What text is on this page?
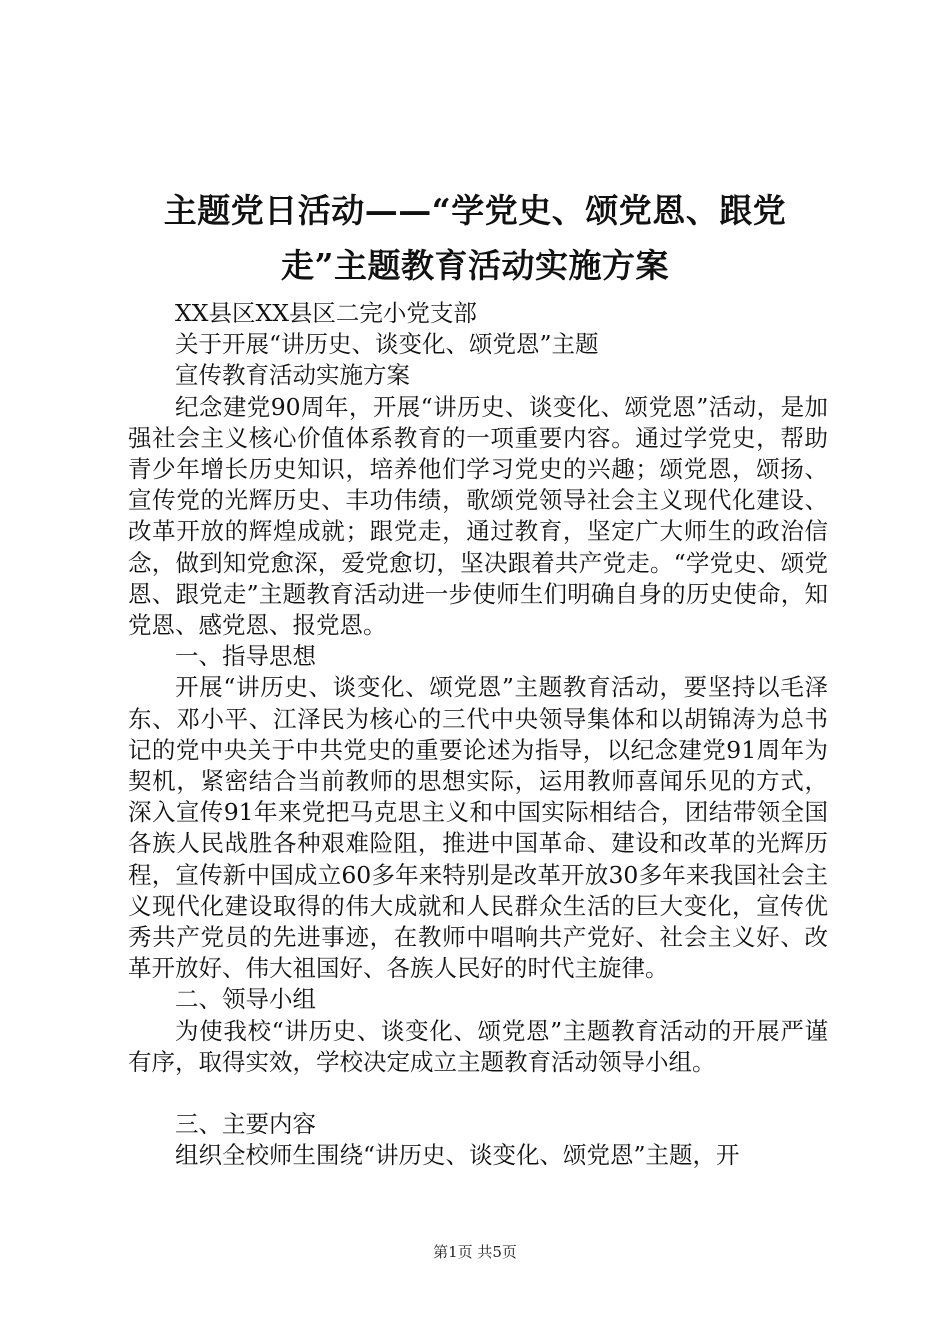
主题党日活动——“学党史、颂党恩、跟党
走”主题教育活动实施方案

XX县区XX县区二完小党支部

关于开展“讲历史、谈变化、颂党恩”主题

宣传教育活动实施方案

纪念建党90周年，开展“讲历史、谈变化、颂党恩”活动，是加强社会主义核心价值体系教育的一项重要内容。通过学党史，帮助青少年增长历史知识，培养他们学习党史的兴趣；颂党恩，颂扬、宣传党的光辉历史、丰功伟绩，歌颂党领导社会主义现代化建设、改革开放的辉煌成就；跟党走，通过教育，坚定广大师生的政治信念，做到知党愈深，爱党愈切，坚决跟着共产党走。“学党史、颂党恩、跟党走”主题教育活动进一步使师生们明确自身的历史使命，知党恩、感党恩、报党恩。

一、指导思想

开展“讲历史、谈变化、颂党恩”主题教育活动，要坚持以毛泽东、邓小平、江泽民为核心的三代中央领导集体和以胡锦涛为总书记的党中央关于中共党史的重要论述为指导，以纪念建党91周年为契机，紧密结合当前教师的思想实际，运用教师喜闻乐见的方式，深入宣传91年来党把马克思主义和中国实际相结合，团结带领全国各族人民战胜各种艰难险阻，推进中国革命、建设和改革的光辉历程，宣传新中国成立60多年来特别是改革开放30多年来我国社会主义现代化建设取得的伟大成就和人民群众生活的巨大变化，宣传优秀共产党员的先进事迹，在教师中唱响共产党好、社会主义好、改革开放好、伟大祖国好、各族人民好的时代主旋律。

二、领导小组

为使我校“讲历史、谈变化、颂党恩”主题教育活动的开展严谨有序，取得实效，学校决定成立主题教育活动领导小组。

三、主要内容

组织全校师生围绕“讲历史、谈变化、颂党恩”主题，开

第1页 共5页
